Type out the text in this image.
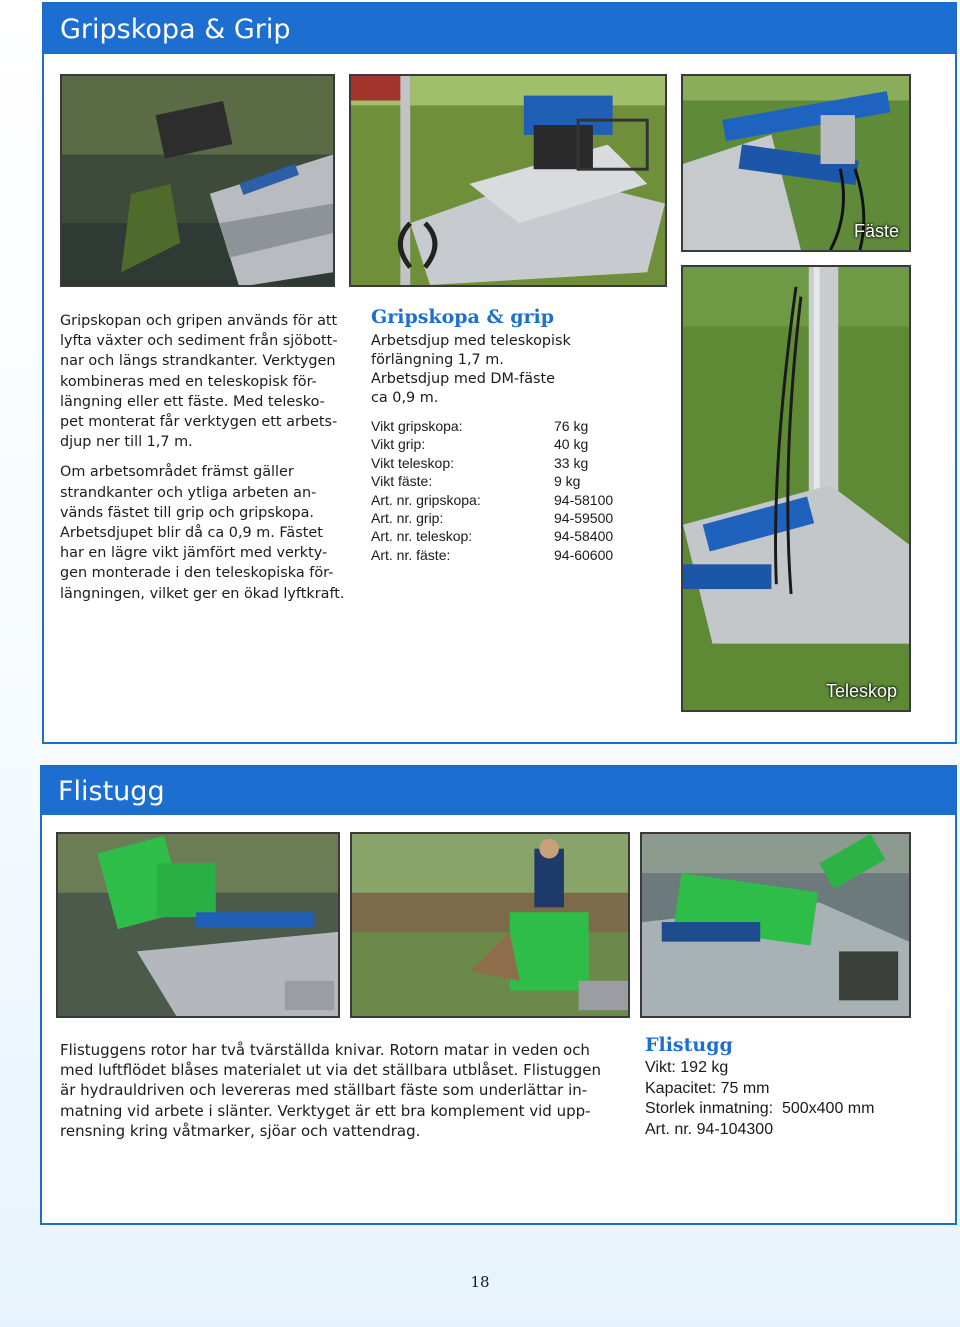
Gripskopa & Grip
Fäste
Teleskop

Gripskopan och gripen används för att
lyfta växter och sediment från sjöbott-
nar och längs strandkanter. Verktygen
kombineras med en teleskopisk för-
längning eller ett fäste. Med telesko-
pet monterat får verktygen ett arbets-
djup ner till 1,7 m.

Om arbetsområdet främst gäller
strandkanter och ytliga arbeten an-
vänds fästet till grip och gripskopa.
Arbetsdjupet blir då ca 0,9 m. Fästet
har en lägre vikt jämfört med verkty-
gen monterade i den teleskopiska för-
längningen, vilket ger en ökad lyftkraft.

Gripskopa & grip
Arbetsdjup med teleskopisk
förlängning 1,7 m.
Arbetsdjup med DM-fäste
ca 0,9 m.
Vikt gripskopa:	76 kg
Vikt grip:	40 kg
Vikt teleskop:	33 kg
Vikt fäste:	9 kg
Art. nr. gripskopa:	94-58100
Art. nr. grip:	94-59500
Art. nr. teleskop:	94-58400
Art. nr. fäste:	94-60600
Flistugg
Flistuggens rotor har två tvärställda knivar. Rotorn matar in veden och
med luftflödet blåses materialet ut via det ställbara utblåset. Flistuggen
är hydrauldriven och levereras med ställbart fäste som underlättar in-
matning vid arbete i slänter. Verktyget är ett bra komplement vid upp-
rensning kring våtmarker, sjöar och vattendrag.
Flistugg
Vikt: 192 kg
Kapacitet: 75 mm
Storlek inmatning: 500x400 mm
Art. nr. 94-104300
18
